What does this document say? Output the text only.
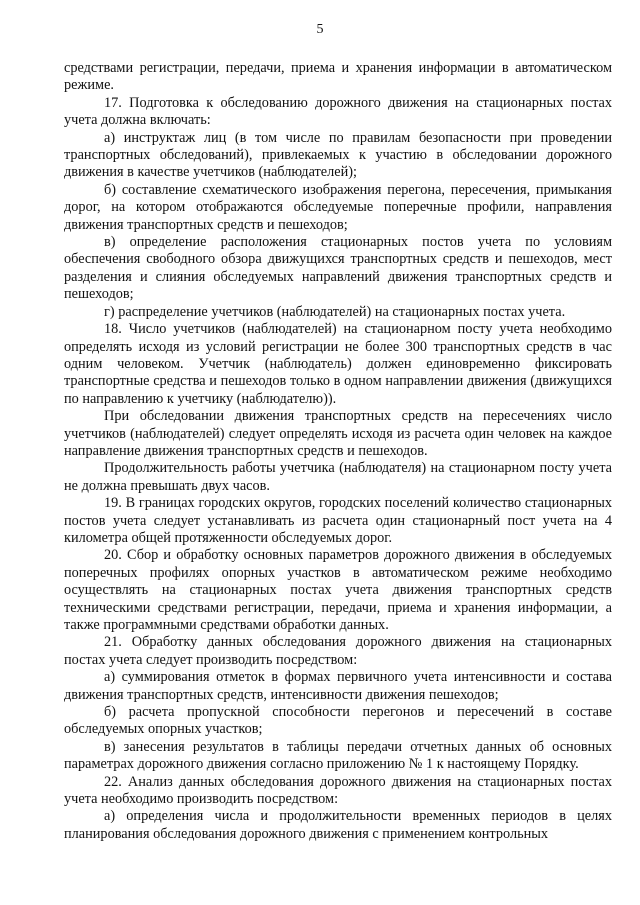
5

средствами регистрации, передачи, приема и хранения информации в автоматическом режиме.

17. Подготовка к обследованию дорожного движения на стационарных постах учета должна включать:

а) инструктаж лиц (в том числе по правилам безопасности при проведении транспортных обследований), привлекаемых к участию в обследовании дорожного движения в качестве учетчиков (наблюдателей);

б) составление схематического изображения перегона, пересечения, примыкания дорог, на котором отображаются обследуемые поперечные профили, направления движения транспортных средств и пешеходов;

в) определение расположения стационарных постов учета по условиям обеспечения свободного обзора движущихся транспортных средств и пешеходов, мест разделения и слияния обследуемых направлений движения транспортных средств и пешеходов;

г) распределение учетчиков (наблюдателей) на стационарных постах учета.

18. Число учетчиков (наблюдателей) на стационарном посту учета необходимо определять исходя из условий регистрации не более 300 транспортных средств в час одним человеком. Учетчик (наблюдатель) должен единовременно фиксировать транспортные средства и пешеходов только в одном направлении движения (движущихся по направлению к учетчику (наблюдателю)).

При обследовании движения транспортных средств на пересечениях число учетчиков (наблюдателей) следует определять исходя из расчета один человек на каждое направление движения транспортных средств и пешеходов.

Продолжительность работы учетчика (наблюдателя) на стационарном посту учета не должна превышать двух часов.

19. В границах городских округов, городских поселений количество стационарных постов учета следует устанавливать из расчета один стационарный пост учета на 4 километра общей протяженности обследуемых дорог.

20. Сбор и обработку основных параметров дорожного движения в обследуемых поперечных профилях опорных участков в автоматическом режиме необходимо осуществлять на стационарных постах учета движения транспортных средств техническими средствами регистрации, передачи, приема и хранения информации, а также программными средствами обработки данных.

21. Обработку данных обследования дорожного движения на стационарных постах учета следует производить посредством:

а) суммирования отметок в формах первичного учета интенсивности и состава движения транспортных средств, интенсивности движения пешеходов;

б) расчета пропускной способности перегонов и пересечений в составе обследуемых опорных участков;

в) занесения результатов в таблицы передачи отчетных данных об основных параметрах дорожного движения согласно приложению № 1 к настоящему Порядку.

22. Анализ данных обследования дорожного движения на стационарных постах учета необходимо производить посредством:

а) определения числа и продолжительности временных периодов в целях планирования обследования дорожного движения с применением контрольных
